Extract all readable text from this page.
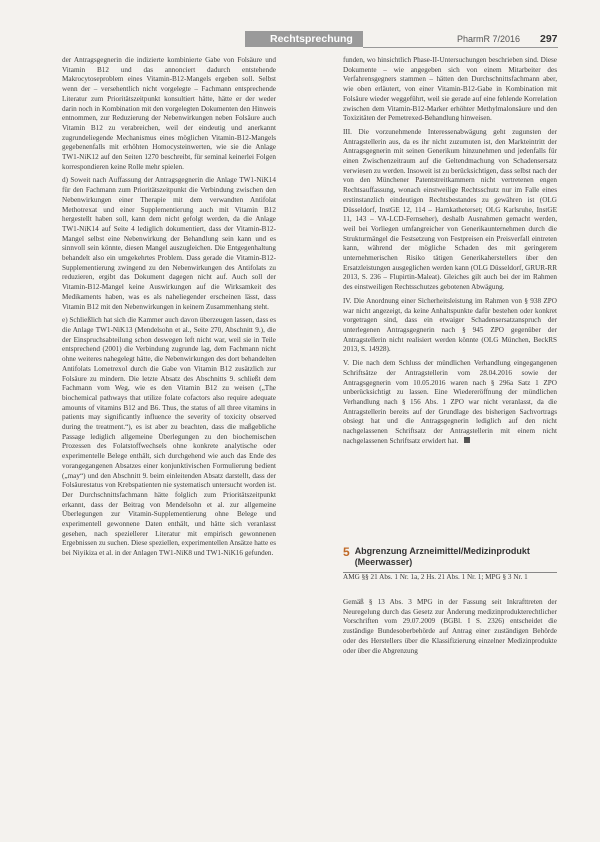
Rechtsprechung	PharmR 7/2016 297

der Antragsgegnerin die indizierte kombinierte Gabe von Folsäure und Vitamin B12 und das annonciert dadurch entstehende Makrocytoseproblem eines Vitamin-B12-Mangels ergeben soll. Selbst wenn der – versehentlich nicht vorgelegte – Fachmann entsprechende Literatur zum Prioritätszeitpunkt konsultiert hätte, hätte er der weder darin noch in Kombination mit den vorgelegten Dokumenten den Hinweis entnommen, zur Reduzierung der Nebenwirkungen neben Folsäure auch Vitamin B12 zu verabreichen, weil der eindeutig und anerkannt zugrundeliegende Mechanismus eines möglichen Vitamin-B12-Mangels gegebenenfalls mit erhöhten Homocysteinwerten, wie sie die Anlage TW1-NiK12 auf den Seiten 1270 beschreibt, für seminal keinerlei Folgen korrespondieren keine Rolle mehr spielen.

d) Soweit nach Auffassung der Antragsgegnerin die Anlage TW1-NiK14 für den Fachmann zum Prioritätszeitpunkt die Verbindung zwischen den Nebenwirkungen einer Therapie mit dem verwandten Antifolat Methotrexat und einer Supplementierung auch mit Vitamin B12 hergestellt haben soll, kann dem nicht gefolgt werden, da die Anlage TW1-NiK14 auf Seite 4 lediglich dokumentiert, dass der Vitamin-B12-Mangel selbst eine Nebenwirkung der Behandlung sein kann und es sinnvoll sein könnte, diesen Mangel auszugleichen. Die Entgegenhaltung behandelt also ein umgekehrtes Problem. Dass gerade die Vitamin-B12-Supplementierung zwingend zu den Nebenwirkungen des Antifolats zu reduzieren, ergibt das Dokument dagegen nicht auf. Auch soll der Vitamin-B12-Mangel keine Auswirkungen auf die Wirksamkeit des Medikaments haben, was es als naheliegender erscheinen lässt, dass Vitamin B12 mit den Nebenwirkungen in keinem Zusammenhang steht.

e) Schließlich hat sich die Kammer auch davon überzeugen lassen, dass es die Anlage TW1-NiK13 (Mendelsohn et al., Seite 270, Abschnitt 9.), die der Einspruchsabteilung schon deswegen left nicht war, weil sie in Teile entsprechend (2001) die Verbindung zugrunde lag, dem Fachmann nicht ohne weiteres nahegelegt hätte, die Nebenwirkungen des dort behandelten Antifolats Lometrexol durch die Gabe von Vitamin B12 zusätzlich zur Folsäure zu mindern. Die letzte Absatz des Abschnitts 9. schließt dem Fachmann vom Weg, wie es den Vitamin B12 zu weisen („The biochemical pathways that utilize folate cofactors also require adequate amounts of vitamins B12 and B6. Thus, the status of all three vitamins in patients may significantly influence the severity of toxicity observed during the treatment.“), es ist aber zu beachten, dass die maßgebliche Passage lediglich allgemeine Überlegungen zu den biochemischen Prozessen des Folatstoffwechsels ohne konkrete analytische oder experimentelle Belege enthält, sich durchgehend wie auch das Ende des vorangegangenen Absatzes einer konjunktivischen Formulierung bedient („may“) und den Abschnitt 9. beim einleitenden Absatz darstellt, dass der Folsäurestatus von Krebspatienten nie systematisch untersucht worden ist. Der Durchschnittsfachmann hätte folglich zum Prioritätszeitpunkt erkannt, dass der Beitrag von Mendelsohn et al. zur allgemeine Überlegungen zur Vitamin-Supplementierung ohne Belege und experimentell gewonnene Daten enthält, und hätte sich veranlasst gesehen, nach speziellerer Literatur mit empirisch gewonnenen Ergebnissen zu suchen. Diese speziellen, experimentellen Ansätze hatte es bei Niyikiza et al. in der Anlagen TW1-NiK8 und TW1-NiK16 gefunden.

funden, wo hinsichtlich Phase-II-Untersuchungen beschrieben sind. Diese Dokumente – wie angegeben sich von einem Mitarbeiter des Verfahrensgegners stammen – hätten den Durchschnittsfachmann aber, wie oben erläutert, von einer Vitamin-B12-Gabe in Kombination mit Folsäure wieder weggeführt, weil sie gerade auf eine fehlende Korrelation zwischen dem Vitamin-B12-Marker erhöhter Methylmalonsäure und den Toxizitäten der Pemetrexed-Behandlung hinweisen.

III. Die vorzunehmende Interessenabwägung geht zugunsten der Antragstellerin aus, da es ihr nicht zuzumuten ist, den Markteintritt der Antragsgegnerin mit seinen Generikum hinzunehmen und jedenfalls für einen Zwischenzeitraum auf die Geltendmachung von Schadensersatz verwiesen zu werden. Insoweit ist zu berücksichtigen, dass selbst nach der von den Münchener Patentstreitkammern nicht vertretenen engen Rechtsauffassung, wonach einstweilige Rechtsschutz nur im Falle eines erstinstanzlich eindeutigen Rechtsbestandes zu gewähren ist (OLG Düsseldorf, InstGE 12, 114 – Harnkatheterset; OLG Karlsruhe, InstGE 11, 143 – VA-LCD-Fernseher), deshalb Ausnahmen gemacht werden, weil bei Vorliegen umfangreicher von Generikaunternehmen durch die Strukturmängel die Festsetzung von Festpreisen ein Preisverfall eintreten kann, während der mögliche Schaden des mit geringerem unternehmerischen Risiko tätigen Generikaherstellers über den Ersatzleistungen ausgeglichen werden kann (OLG Düsseldorf, GRUR-RR 2013, S. 236 – Flupirtin-Maleat). Gleiches gilt auch bei der im Rahmen des einstweiligen Rechtsschutzes gebotenen Abwägung.

IV. Die Anordnung einer Sicherheitsleistung im Rahmen von § 938 ZPO war nicht angezeigt, da keine Anhaltspunkte dafür bestehen oder konkret vorgetragen sind, dass ein etwaiger Schadensersatzanspruch der unterlegenen Antragsgegnerin nach § 945 ZPO gegenüber der Antragstellerin nicht realisiert werden könnte (OLG München, BeckRS 2013, S. 14928).

V. Die nach dem Schluss der mündlichen Verhandlung eingegangenen Schriftsätze der Antragstellerin vom 28.04.2016 sowie der Antragsgegnerin vom 10.05.2016 waren nach § 296a Satz 1 ZPO unberücksichtigt zu lassen. Eine Wiedereröffnung der mündlichen Verhandlung nach § 156 Abs. 1 ZPO war nicht veranlasst, da die Antragstellerin bereits auf der Grundlage des bisherigen Sachvortrags obsiegt hat und die Antragsgegnerin lediglich auf den nicht nachgelassenen Schriftsatz der Antragstellerin mit einem nicht nachgelassenen Schriftsatz erwidert hat.

5 Abgrenzung Arzneimittel/Medizinprodukt (Meerwasser)
AMG §§ 21 Abs. 1 Nr. 1a, 2 Hs. 21 Abs. 1 Nr. 1; MPG § 3 Nr. 1

Gemäß § 13 Abs. 3 MPG in der Fassung seit Inkrafttreten der Neuregelung durch das Gesetz zur Änderung medizinprodukterechtlicher Vorschriften vom 29.07.2009 (BGBl. I S. 2326) entscheidet die zuständige Bundesoberbehörde auf Antrag einer zuständigen Behörde oder des Herstellers über die Klassifizierung einzelner Medizinprodukte oder über die Abgrenzung
